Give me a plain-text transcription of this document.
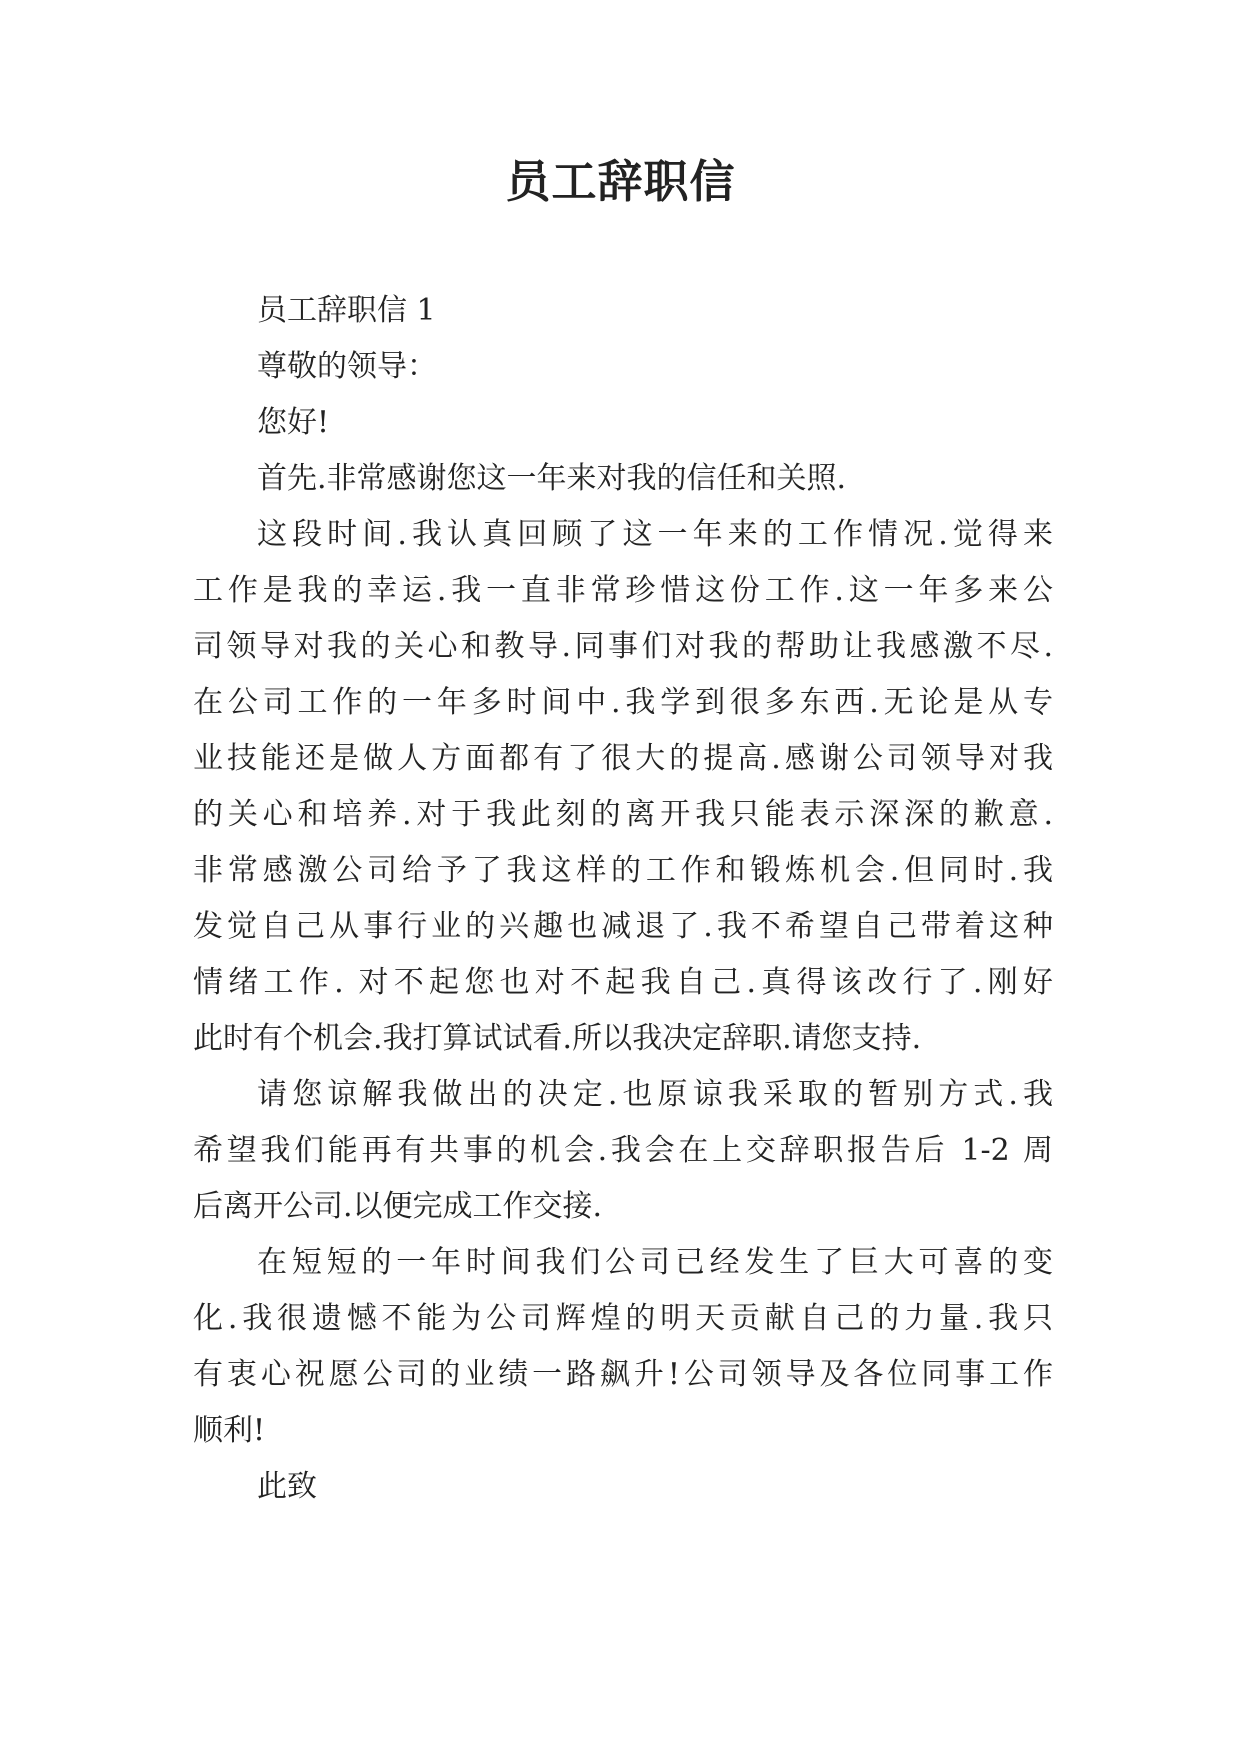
员工辞职信

员工辞职信 1

尊敬的领导：

您好!

首先.非常感谢您这一年来对我的信任和关照.

这段时间.我认真回顾了这一年来的工作情况.觉得来
工作是我的幸运.我一直非常珍惜这份工作.这一年多来公
司领导对我的关心和教导.同事们对我的帮助让我感激不尽.
在公司工作的一年多时间中.我学到很多东西.无论是从专
业技能还是做人方面都有了很大的提高.感谢公司领导对我
的关心和培养.对于我此刻的离开我只能表示深深的歉意.
非常感激公司给予了我这样的工作和锻炼机会.但同时.我
发觉自己从事行业的兴趣也减退了.我不希望自己带着这种
情绪工作. 对不起您也对不起我自己.真得该改行了.刚好
此时有个机会.我打算试试看.所以我决定辞职.请您支持.
请您谅解我做出的决定.也原谅我采取的暂别方式.我
希望我们能再有共事的机会.我会在上交辞职报告后 1-2 周
后离开公司.以便完成工作交接.
在短短的一年时间我们公司已经发生了巨大可喜的变
化.我很遗憾不能为公司辉煌的明天贡献自己的力量.我只
有衷心祝愿公司的业绩一路飙升!公司领导及各位同事工作
顺利!

此致
